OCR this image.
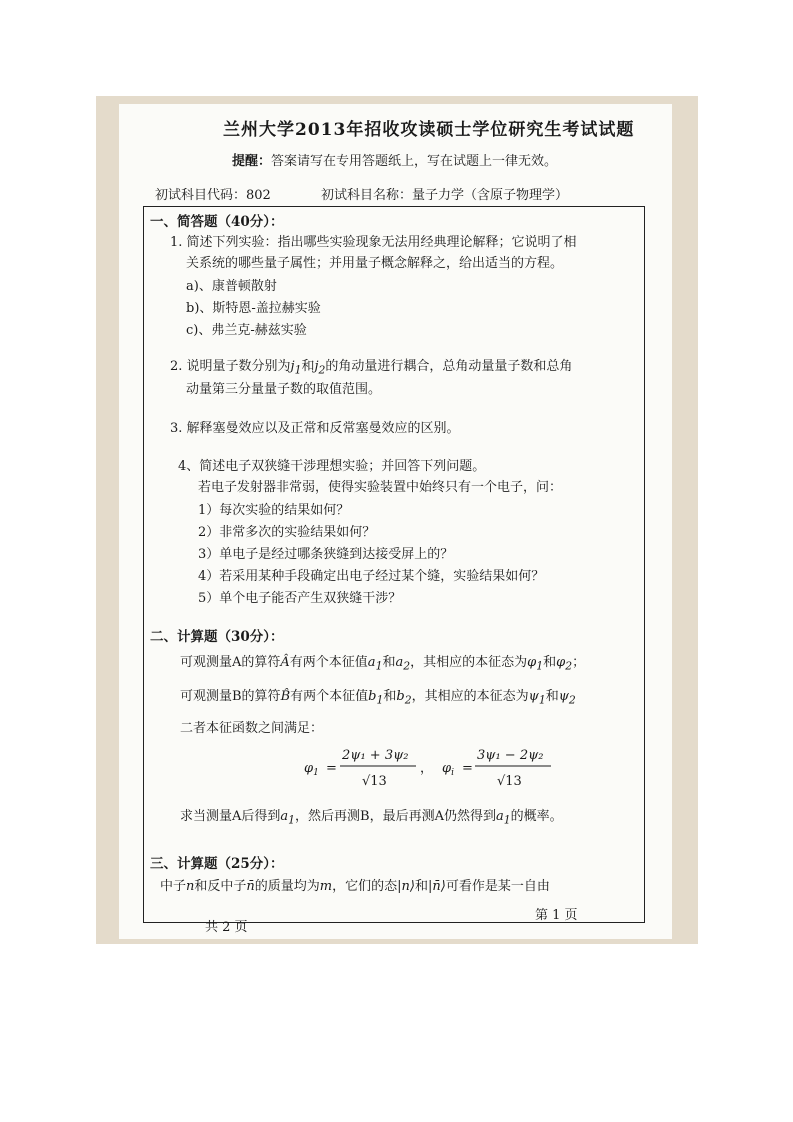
兰州大学2013年招收攻读硕士学位研究生考试试题
提醒：答案请写在专用答题纸上，写在试题上一律无效。
初试科目代码：802	初试科目名称：量子力学（含原子物理学）
一、简答题（40分）：
1. 简述下列实验：指出哪些实验现象无法用经典理论解释；它说明了相
关系统的哪些量子属性；并用量子概念解释之，给出适当的方程。
a)、康普顿散射
b)、斯特恩-盖拉赫实验
c)、弗兰克-赫兹实验
2. 说明量子数分别为$j_1$和$j_2$的角动量进行耦合，总角动量量子数和总角
动量第三分量量子数的取值范围。
3. 解释塞曼效应以及正常和反常塞曼效应的区别。
4、简述电子双狭缝干涉理想实验；并回答下列问题。
若电子发射器非常弱，使得实验装置中始终只有一个电子，问：
1）每次实验的结果如何？
2）非常多次的实验结果如何？
3）单电子是经过哪条狭缝到达接受屏上的？
4）若采用某种手段确定出电子经过某个缝，实验结果如何？
5）单个电子能否产生双狭缝干涉？
二、计算题（30分）：
可观测量A的算符Â有两个本征值$a_1$和$a_2$，其相应的本征态为$\varphi_1$和$\varphi_2$；
可观测量B的算符B̂有两个本征值$b_1$和$b_2$，其相应的本征态为$\psi_1$和$\psi_2$
二者本征函数之间满足：
$\varphi_1$ =
2ψ₁ + 3ψ₂
√13
， $\varphi_i$ =
3ψ₁ − 2ψ₂
√13
求当测量A后得到$a_1$，然后再测B，最后再测A仍然得到$a_1$的概率。
三、计算题（25分）：
中子n和反中子n̄的质量均为m，它们的态|n⟩和|n̄⟩可看作是某一自由
共 2 页
第 1 页
